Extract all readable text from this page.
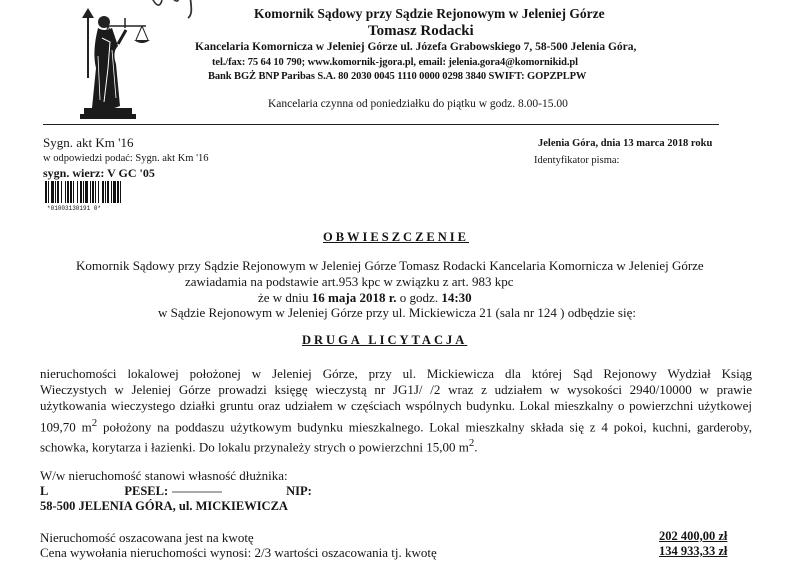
Komornik Sądowy przy Sądzie Rejonowym w Jeleniej Górze
Tomasz Rodacki
Kancelaria Komornicza w Jeleniej Górze ul. Józefa Grabowskiego 7, 58-500 Jelenia Góra,
tel./fax: 75 64 10 790; www.komornik-jgora.pl, email: jelenia.gora4@komornikid.pl
Bank BGŻ BNP Paribas S.A. 80 2030 0045 1110 0000 0298 3840 SWIFT: GOPZPLPW
Kancelaria czynna od poniedziałku do piątku w godz. 8.00-15.00
Sygn. akt Km '16
w odpowiedzi podać: Sygn. akt Km '16
sygn. wierz: V GC '05
Jelenia Góra, dnia 13 marca 2018 roku
Identyfikator pisma:
*01003130191 0*
OBWIESZCZENIE
Komornik Sądowy przy Sądzie Rejonowym w Jeleniej Górze Tomasz Rodacki Kancelaria Komornicza w Jeleniej Górze
zawiadamia na podstawie art.953 kpc w związku z art. 983 kpc
że w dniu 16 maja 2018 r. o godz. 14:30
w Sądzie Rejonowym w Jeleniej Górze przy ul. Mickiewicza 21 (sala nr 124 ) odbędzie się:
DRUGA LICYTACJA
nieruchomości lokalowej położonej w Jeleniej Górze, przy ul. Mickiewicza dla której Sąd Rejonowy Wydział Ksiąg
Wieczystych w Jeleniej Górze prowadzi księgę wieczystą nr JG1J/ /2 wraz z udziałem w wysokości 2940/10000 w prawie
użytkowania wieczystego działki gruntu oraz udziałem w częściach wspólnych budynku. Lokal mieszkalny o powierzchni użytkowej
109,70 $m^2$ położony na poddaszu użytkowym budynku mieszkalnego. Lokal mieszkalny składa się z 4 pokoi, kuchni, garderoby,
schowka, korytarza i łazienki. Do lokalu przynależy strych o powierzchni 15,00 $m^2$.
W/w nieruchomość stanowi własność dłużnika:
L	PESEL:	NIP:
58-500 JELENIA GÓRA, ul. MICKIEWICZA
Nieruchomość oszacowana jest na kwotę	202 400,00 zł
Cena wywołania nieruchomości wynosi: 2/3 wartości oszacowania tj. kwotę	134 933,33 zł
